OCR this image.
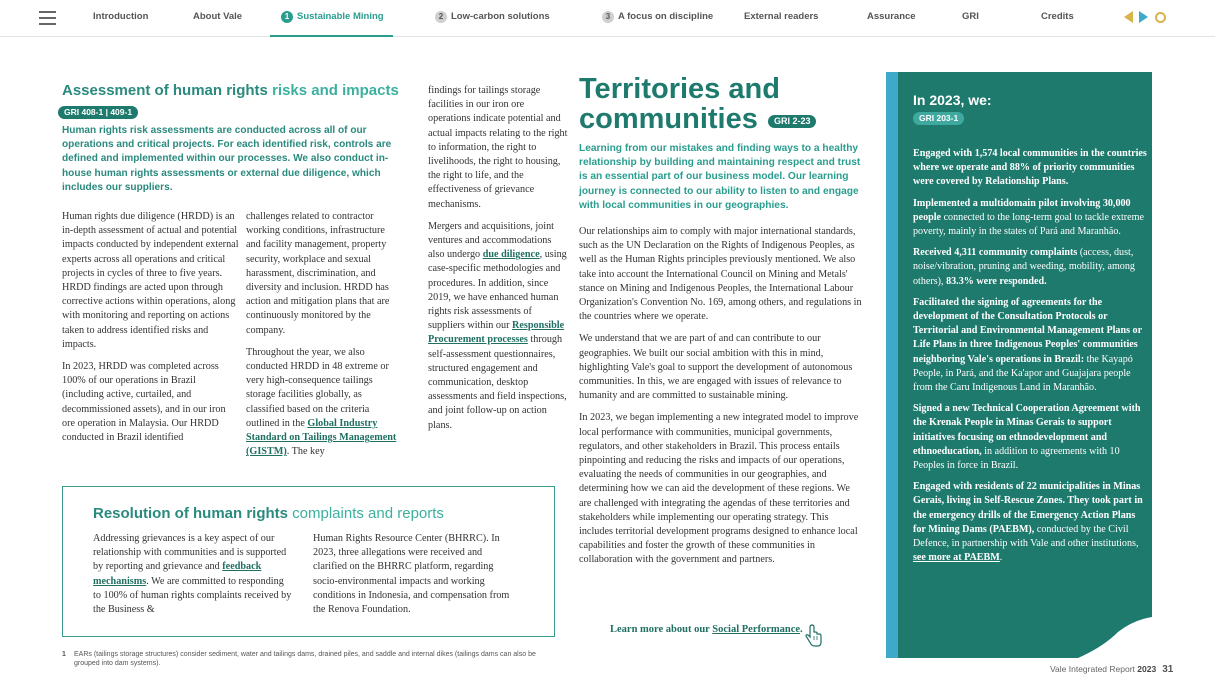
Introduction	About Vale	1 Sustainable Mining	2 Low-carbon solutions	3 A focus on discipline	External readers	Assurance	GRI	Credits

Assessment of human rights risks and impacts
GRI 408-1 | 409-1
Human rights risk assessments are conducted across all of our operations and critical projects. For each identified risk, controls are defined and implemented within our processes. We also conduct in-house human rights assessments or external due diligence, which includes our suppliers.

Human rights due diligence (HRDD) is an in-depth assessment of actual and potential impacts conducted by independent external experts across all operations and critical projects in cycles of three to five years. HRDD findings are acted upon through corrective actions within operations, along with monitoring and reporting on actions taken to address identified risks and impacts.

In 2023, HRDD was completed across 100% of our operations in Brazil (including active, curtailed, and decommissioned assets), and in our iron ore operation in Malaysia. Our HRDD conducted in Brazil identified

challenges related to contractor working conditions, infrastructure and facility management, property security, workplace and sexual harassment, discrimination, and diversity and inclusion. HRDD has action and mitigation plans that are continuously monitored by the company.

Throughout the year, we also conducted HRDD in 48 extreme or very high-consequence tailings storage facilities globally, as classified based on the criteria outlined in the Global Industry Standard on Tailings Management (GISTM). The key

findings for tailings storage facilities in our iron ore operations indicate potential and actual impacts relating to the right to information, the right to livelihoods, the right to housing, the right to life, and the effectiveness of grievance mechanisms.

Mergers and acquisitions, joint ventures and accommodations also undergo due diligence, using case-specific methodologies and procedures. In addition, since 2019, we have enhanced human rights risk assessments of suppliers within our Responsible Procurement processes through self-assessment questionnaires, structured engagement and communication, desktop assessments and field inspections, and joint follow-up on action plans.

Resolution of human rights complaints and reports
Addressing grievances is a key aspect of our relationship with communities and is supported by reporting and grievance and feedback mechanisms. We are committed to responding to 100% of human rights complaints received by the Business &
Human Rights Resource Center (BHRRC). In 2023, three allegations were received and clarified on the BHRRC platform, regarding socio-environmental impacts and working conditions in Indonesia, and compensation from the Renova Foundation.
1 EARs (tailings storage structures) consider sediment, water and tailings dams, drained piles, and saddle and internal dikes (tailings dams can also be grouped into dam systems).
Territories and
communities GRI 2-23
Learning from our mistakes and finding ways to a healthy relationship by building and maintaining respect and trust is an essential part of our business model. Our learning journey is connected to our ability to listen to and engage with local communities in our geographies.

Our relationships aim to comply with major international standards, such as the UN Declaration on the Rights of Indigenous Peoples, as well as the Human Rights principles previously mentioned. We also take into account the International Council on Mining and Metals' stance on Mining and Indigenous Peoples, the International Labour Organization's Convention No. 169, among others, and regulations in the countries where we operate.

We understand that we are part of and can contribute to our geographies. We built our social ambition with this in mind, highlighting Vale's goal to support the development of autonomous communities. In this, we are engaged with issues of relevance to humanity and are committed to sustainable mining.

In 2023, we began implementing a new integrated model to improve local performance with communities, municipal governments, regulators, and other stakeholders in Brazil. This process entails pinpointing and reducing the risks and impacts of our operations, evaluating the needs of communities in our geographies, and determining how we can aid the development of these regions. We are challenged with integrating the agendas of these territories and stakeholders while implementing our operating strategy. This includes territorial development programs designed to enhance local capabilities and foster the growth of these communities in collaboration with the government and partners.

Learn more about our Social Performance.
In 2023, we:
GRI 203-1

Engaged with 1,574 local communities in the countries where we operate and 88% of priority communities were covered by Relationship Plans.

Implemented a multidomain pilot involving 30,000 people connected to the long-term goal to tackle extreme poverty, mainly in the states of Pará and Maranhão.

Received 4,311 community complaints (access, dust, noise/vibration, pruning and weeding, mobility, among others), 83.3% were responded.

Facilitated the signing of agreements for the development of the Consultation Protocols or Territorial and Environmental Management Plans or Life Plans in three Indigenous Peoples' communities neighboring Vale's operations in Brazil: the Kayapó People, in Pará, and the Ka'apor and Guajajara people from the Caru Indigenous Land in Maranhão.

Signed a new Technical Cooperation Agreement with the Krenak People in Minas Gerais to support initiatives focusing on ethnodevelopment and ethnoeducation, in addition to agreements with 10 Peoples in force in Brazil.

Engaged with residents of 22 municipalities in Minas Gerais, living in Self-Rescue Zones. They took part in the emergency drills of the Emergency Action Plans for Mining Dams (PAEBM), conducted by the Civil Defence, in partnership with Vale and other institutions, see more at PAEBM.

Vale Integrated Report 2023 31
